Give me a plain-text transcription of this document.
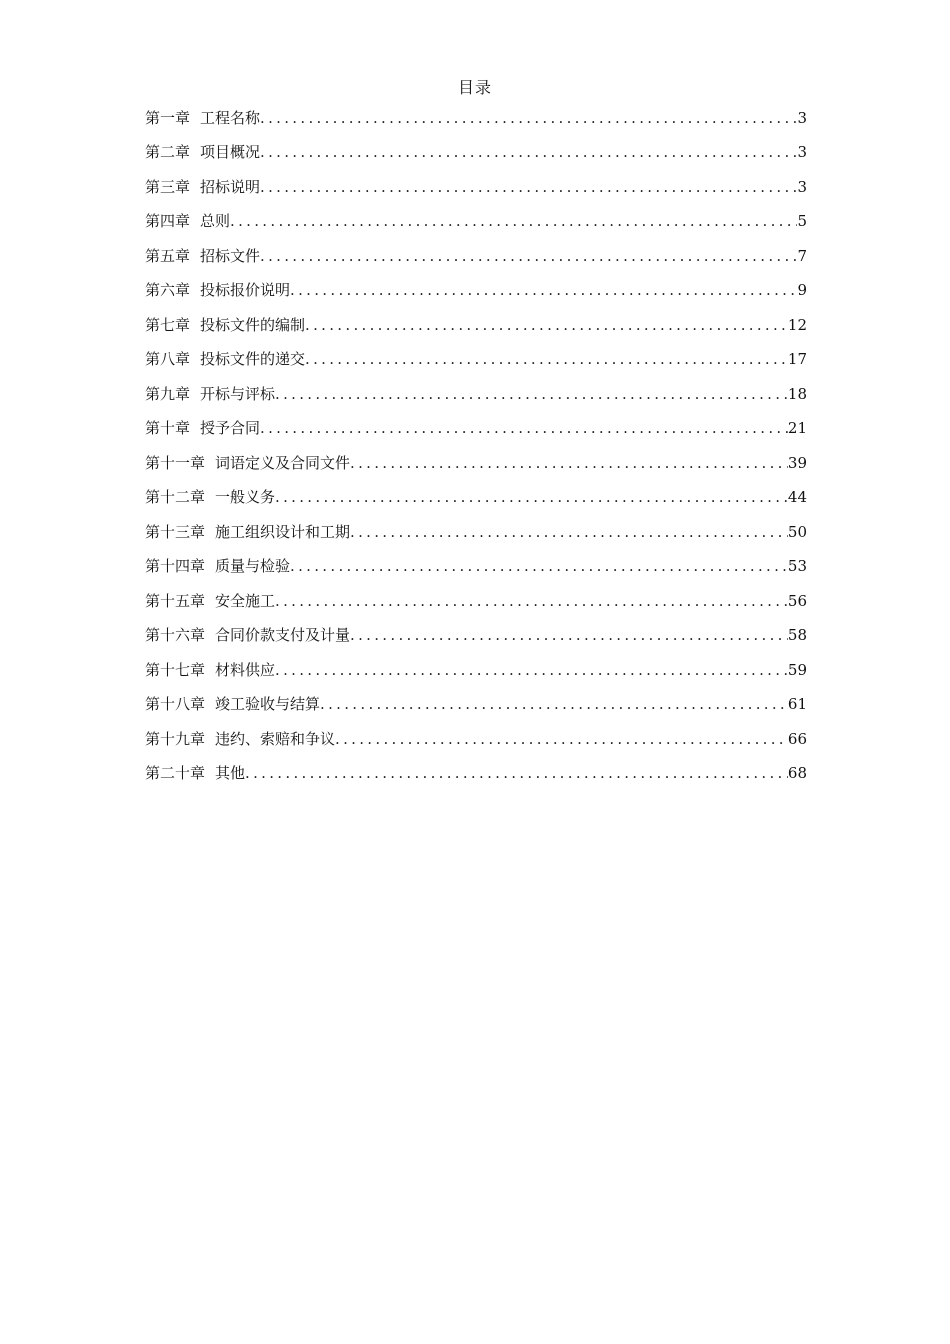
目录
第一章 工程名称 .....	3
第二章 项目概况 .....	3
第三章 招标说明 .....	3
第四章 总则 .....	5
第五章 招标文件 .....	7
第六章 投标报价说明 .....	9
第七章 投标文件的编制 .....	12
第八章 投标文件的递交 .....	17
第九章 开标与评标 .....	18
第十章 授予合同 .....	21
第十一章 词语定义及合同文件 .....	39
第十二章 一般义务 .....	44
第十三章 施工组织设计和工期 .....	50
第十四章 质量与检验 .....	53
第十五章 安全施工 .....	56
第十六章 合同价款支付及计量 .....	58
第十七章 材料供应 .....	59
第十八章 竣工验收与结算 .....	61
第十九章 违约、索赔和争议 .....	66
第二十章 其他 .....	68
